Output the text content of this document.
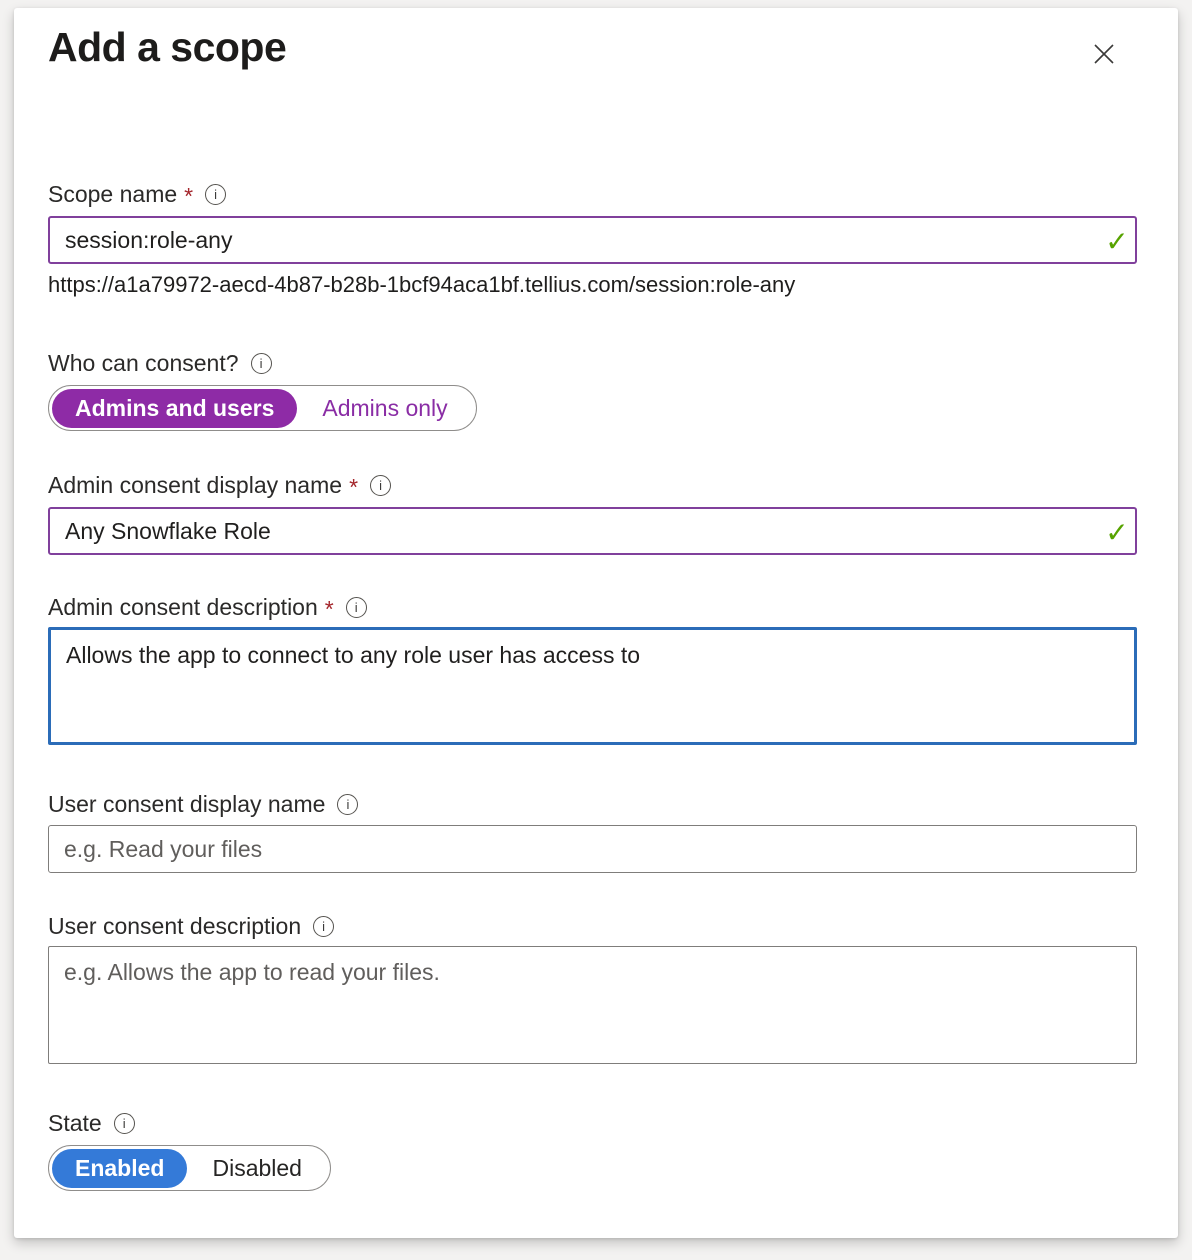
Add a scope
Scope name *	i
session:role-any
✓
https://a1a79972-aecd-4b87-b28b-1bcf94aca1bf.tellius.com/session:role-any
Who can consent?	i
Admins and users	Admins only
Admin consent display name *	i
Any Snowflake Role
✓
Admin consent description *	i
Allows the app to connect to any role user has access to
User consent display name	i
e.g. Read your files
User consent description	i
e.g. Allows the app to read your files.
State	i
Enabled	Disabled
